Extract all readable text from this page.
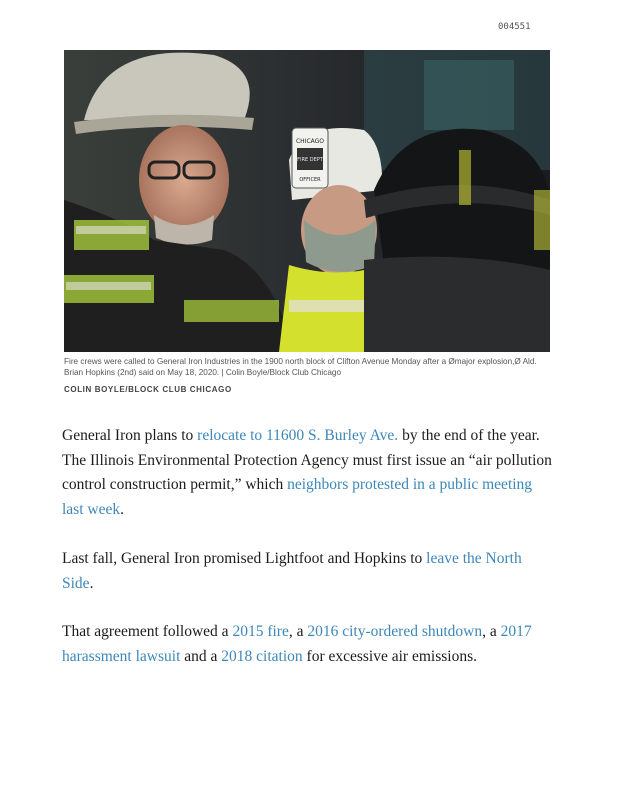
004551
CHICAGO
FIRE DEPT
OFFICER
Fire crews were called to General Iron Industries in the 1900 north block of Clifton Avenue Monday after a Ømajor explosion,Ø Ald. Brian Hopkins (2nd) said on May 18, 2020. | Colin Boyle/Block Club Chicago
COLIN BOYLE/BLOCK CLUB CHICAGO

General Iron plans to relocate to 11600 S. Burley Ave. by the end of the year. The Illinois Environmental Protection Agency must first issue an “air pollution control construction permit,” which neighbors protested in a public meeting last week.

Last fall, General Iron promised Lightfoot and Hopkins to leave the North Side.

That agreement followed a 2015 fire, a 2016 city-ordered shutdown, a 2017 harassment lawsuit and a 2018 citation for excessive air emissions.
